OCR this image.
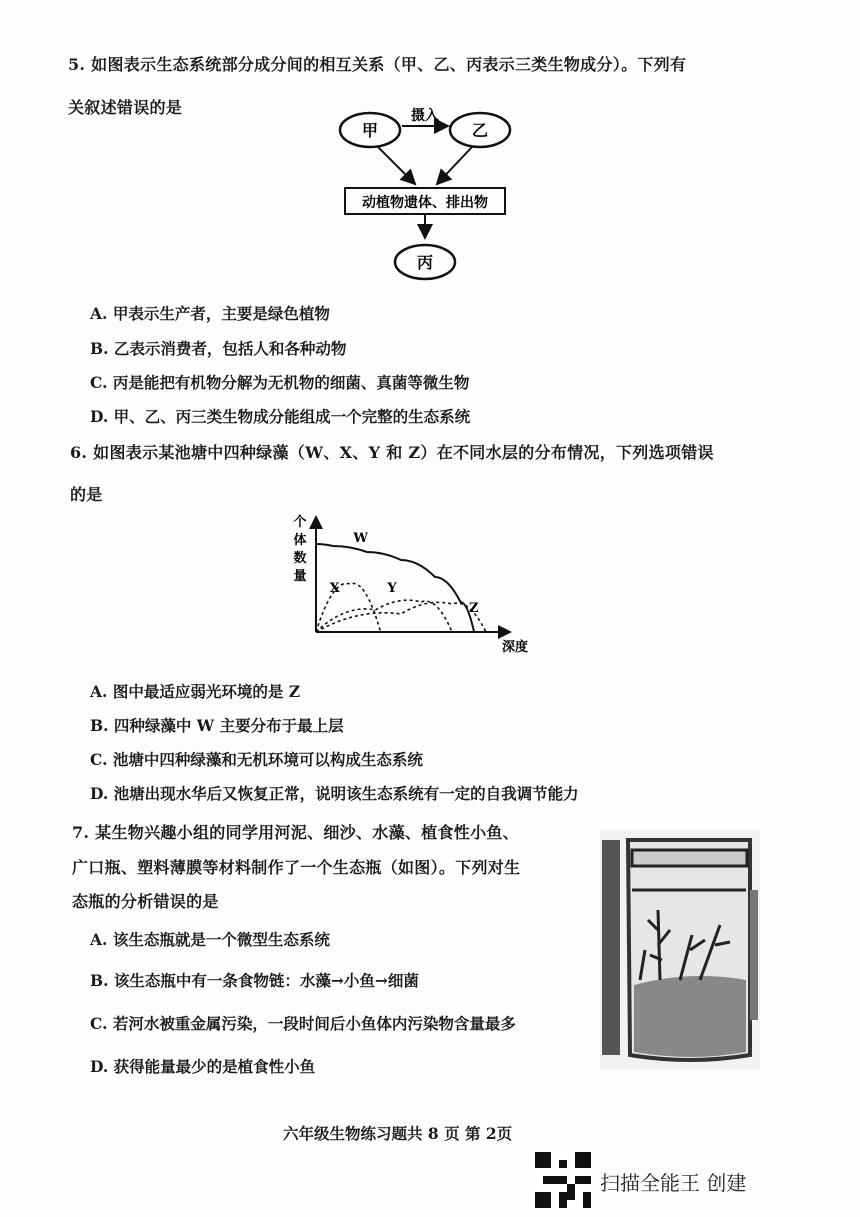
5. 如图表示生态系统部分成分间的相互关系（甲、乙、丙表示三类生物成分）。下列有
关叙述错误的是
甲	乙
摄入
动植物遗体、排出物
丙
A. 甲表示生产者，主要是绿色植物
B. 乙表示消费者，包括人和各种动物
C. 丙是能把有机物分解为无机物的细菌、真菌等微生物
D. 甲、乙、丙三类生物成分能组成一个完整的生态系统
6. 如图表示某池塘中四种绿藻（W、X、Y 和 Z）在不同水层的分布情况，下列选项错误
的是
个
体
数
量
深度
W
X	Y
Z
A. 图中最适应弱光环境的是 Z
B. 四种绿藻中 W 主要分布于最上层
C. 池塘中四种绿藻和无机环境可以构成生态系统
D. 池塘出现水华后又恢复正常，说明该生态系统有一定的自我调节能力
7. 某生物兴趣小组的同学用河泥、细沙、水藻、植食性小鱼、
广口瓶、塑料薄膜等材料制作了一个生态瓶（如图）。下列对生
态瓶的分析错误的是
A. 该生态瓶就是一个微型生态系统
B. 该生态瓶中有一条食物链：水藻→小鱼→细菌
C. 若河水被重金属污染，一段时间后小鱼体内污染物含量最多
D. 获得能量最少的是植食性小鱼
六年级生物练习题共 8 页 第 2页
扫描全能王 创建
